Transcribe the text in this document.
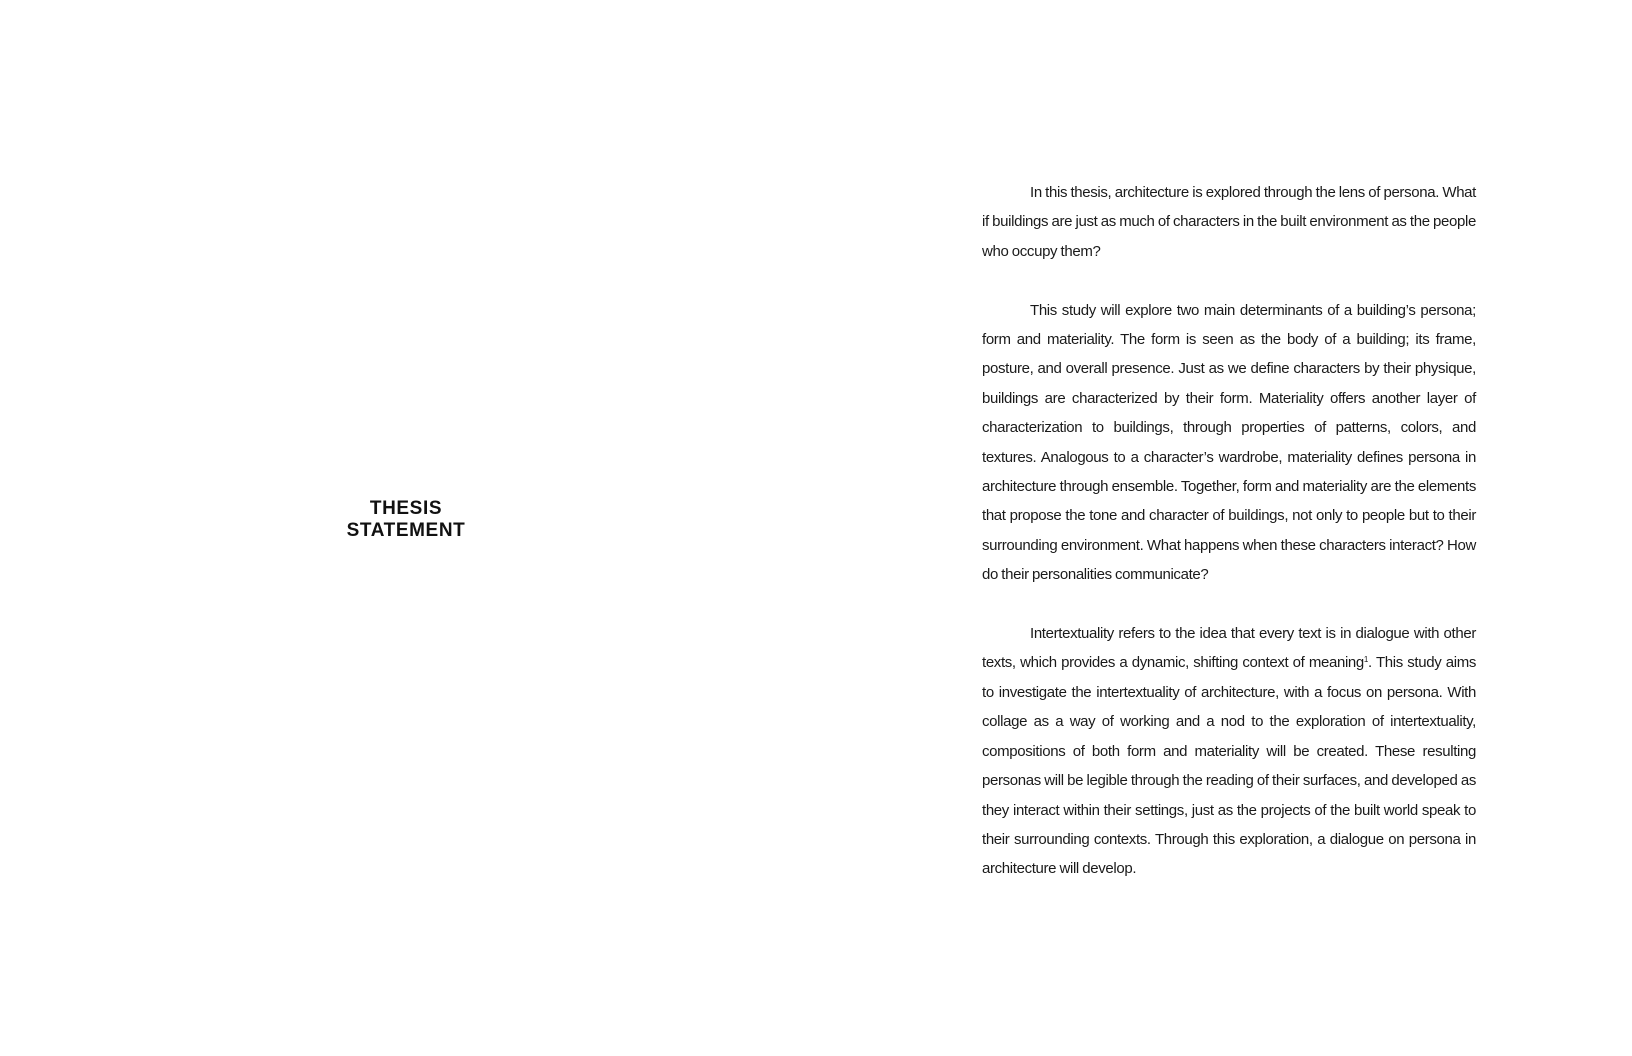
THESIS
STATEMENT

In this thesis, architecture is explored through the lens of persona. What if buildings are just as much of characters in the built environment as the people who occupy them?

This study will explore two main determinants of a building’s persona; form and materiality. The form is seen as the body of a building; its frame, posture, and overall presence. Just as we define characters by their physique, buildings are characterized by their form. Materiality offers another layer of characterization to buildings, through properties of patterns, colors, and textures. Analogous to a character’s wardrobe, materiality defines persona in architecture through ensemble. Together, form and materiality are the elements that propose the tone and character of buildings, not only to people but to their surrounding environment. What happens when these characters interact? How do their personalities communicate?

Intertextuality refers to the idea that every text is in dialogue with other texts, which provides a dynamic, shifting context of meaning$^1$. This study aims to investigate the intertextuality of architecture, with a focus on persona. With collage as a way of working and a nod to the exploration of intertextuality, compositions of both form and materiality will be created. These resulting personas will be legible through the reading of their surfaces, and developed as they interact within their settings, just as the projects of the built world speak to their surrounding contexts. Through this exploration, a dialogue on persona in architecture will develop.
